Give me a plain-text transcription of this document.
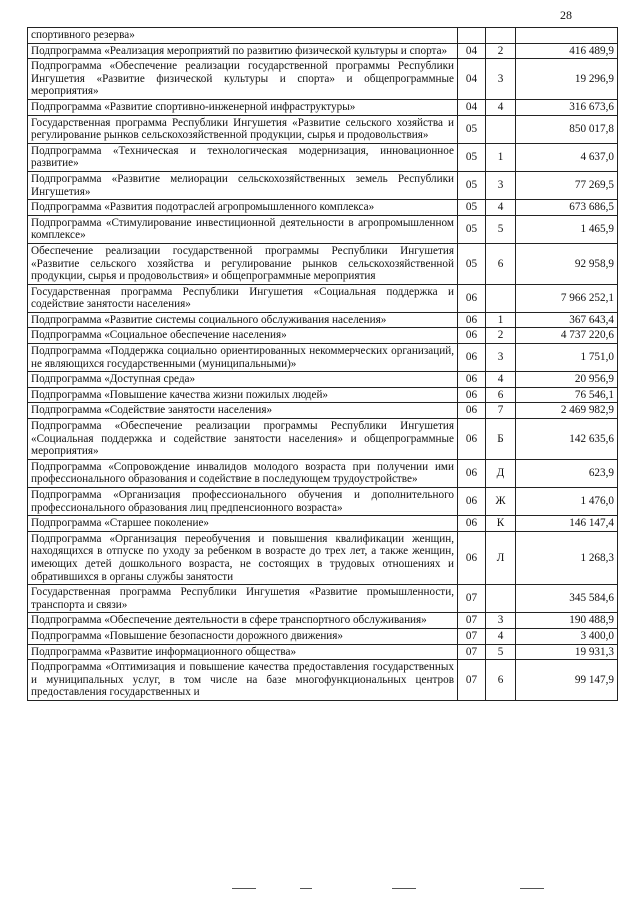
28
спортивного резерва»			
Подпрограмма «Реализация мероприятий по развитию физической культуры и спорта»	04	2	416 489,9
Подпрограмма «Обеспечение реализации государственной программы Республики Ингушетия «Развитие физической культуры и спорта» и общепрограммные мероприятия»	04	3	19 296,9
Подпрограмма «Развитие спортивно-инженерной инфраструктуры»	04	4	316 673,6
Государственная программа Республики Ингушетия «Развитие сельского хозяйства и регулирование рынков сельскохозяйственной продукции, сырья и продовольствия»	05		850 017,8
Подпрограмма «Техническая и технологическая модернизация, инновационное развитие»	05	1	4 637,0
Подпрограмма «Развитие мелиорации сельскохозяйственных земель Республики Ингушетия»	05	3	77 269,5
Подпрограмма «Развития подотраслей агропромышленного комплекса»	05	4	673 686,5
Подпрограмма «Стимулирование инвестиционной деятельности в агропромышленном комплексе»	05	5	1 465,9
Обеспечение реализации государственной программы Республики Ингушетия «Развитие сельского хозяйства и регулирование рынков сельскохозяйственной продукции, сырья и продовольствия» и общепрограммные мероприятия	05	6	92 958,9
Государственная программа Республики Ингушетия «Социальная поддержка и содействие занятости населения»	06		7 966 252,1
Подпрограмма «Развитие системы социального обслуживания населения»	06	1	367 643,4
Подпрограмма «Социальное обеспечение населения»	06	2	4 737 220,6
Подпрограмма «Поддержка социально ориентированных некоммерческих организаций, не являющихся государственными (муниципальными)»	06	3	1 751,0
Подпрограмма «Доступная среда»	06	4	20 956,9
Подпрограмма «Повышение качества жизни пожилых людей»	06	6	76 546,1
Подпрограмма «Содействие занятости населения»	06	7	2 469 982,9
Подпрограмма «Обеспечение реализации программы Республики Ингушетия «Социальная поддержка и содействие занятости населения» и общепрограммные мероприятия»	06	Б	142 635,6
Подпрограмма «Сопровождение инвалидов молодого возраста при получении ими профессионального образования и содействие в последующем трудоустройстве»	06	Д	623,9
Подпрограмма «Организация профессионального обучения и дополнительного профессионального образования лиц предпенсионного возраста»	06	Ж	1 476,0
Подпрограмма «Старшее поколение»	06	К	146 147,4
Подпрограмма «Организация переобучения и повышения квалификации женщин, находящихся в отпуске по уходу за ребенком в возрасте до трех лет, а также женщин, имеющих детей дошкольного возраста, не состоящих в трудовых отношениях и обратившихся в органы службы занятости	06	Л	1 268,3
Государственная программа Республики Ингушетия «Развитие промышленности, транспорта и связи»	07		345 584,6
Подпрограмма «Обеспечение деятельности в сфере транспортного обслуживания»	07	3	190 488,9
Подпрограмма «Повышение безопасности дорожного движения»	07	4	3 400,0
Подпрограмма «Развитие информационного общества»	07	5	19 931,3
Подпрограмма «Оптимизация и повышение качества предоставления государственных и муниципальных услуг, в том числе на базе многофункциональных центров предоставления государственных и	07	6	99 147,9
